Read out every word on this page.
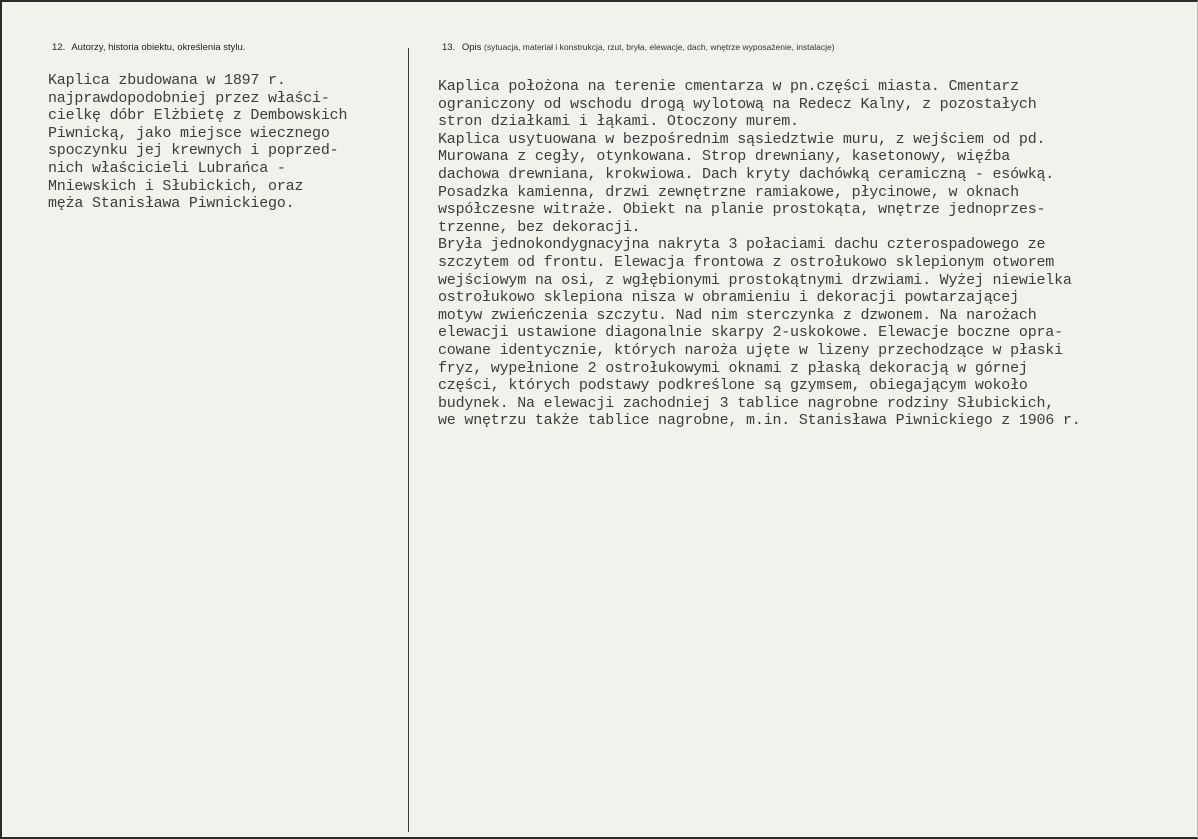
12. Autorzy, historia obiektu, określenia stylu.	13. Opis (sytuacja, materiał i konstrukcja, rzut, bryła, elewacje, dach, wnętrze wyposażenie, instalacje)
Kaplica zbudowana w 1897 r.
najprawdopodobniej przez właści-
cielkę dóbr Elżbietę z Dembowskich
Piwnicką, jako miejsce wiecznego
spoczynku jej krewnych i poprzed-
nich właścicieli Lubrańca -
Mniewskich i Słubickich, oraz
męża Stanisława Piwnickiego.
Kaplica położona na terenie cmentarza w pn.części miasta. Cmentarz
ograniczony od wschodu drogą wylotową na Redecz Kalny, z pozostałych
stron działkami i łąkami. Otoczony murem.
Kaplica usytuowana w bezpośrednim sąsiedztwie muru, z wejściem od pd.
Murowana z cegły, otynkowana. Strop drewniany, kasetonowy, więźba
dachowa drewniana, krokwiowa. Dach kryty dachówką ceramiczną - esówką.
Posadzka kamienna, drzwi zewnętrzne ramiakowe, płycinowe, w oknach
współczesne witraże. Obiekt na planie prostokąta, wnętrze jednoprzes-
trzenne, bez dekoracji.
Bryła jednokondygnacyjna nakryta 3 połaciami dachu czterospadowego ze
szczytem od frontu. Elewacja frontowa z ostrołukowo sklepionym otworem
wejściowym na osi, z wgłębionymi prostokątnymi drzwiami. Wyżej niewielka
ostrołukowo sklepiona nisza w obramieniu i dekoracji powtarzającej
motyw zwieńczenia szczytu. Nad nim sterczynka z dzwonem. Na narożach
elewacji ustawione diagonalnie skarpy 2-uskokowe. Elewacje boczne opra-
cowane identycznie, których naroża ujęte w lizeny przechodzące w płaski
fryz, wypełnione 2 ostrołukowymi oknami z płaską dekoracją w górnej
części, których podstawy podkreślone są gzymsem, obiegającym wokoło
budynek. Na elewacji zachodniej 3 tablice nagrobne rodziny Słubickich,
we wnętrzu także tablice nagrobne, m.in. Stanisława Piwnickiego z 1906 r.
